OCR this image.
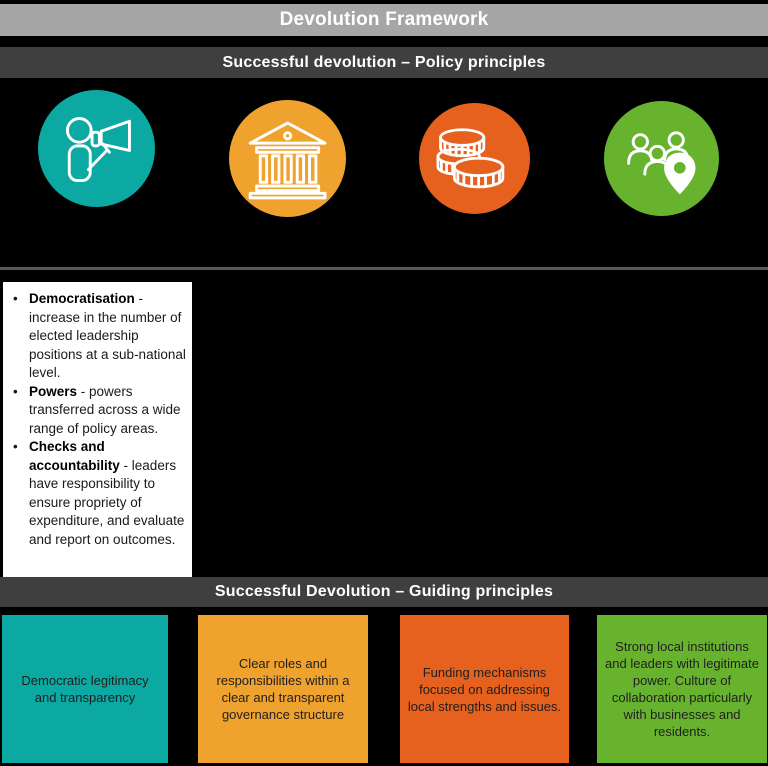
Devolution Framework
Successful devolution – Policy principles
• Democratisation - increase in the number of elected leadership positions at a sub-national level.
• Powers - powers transferred across a wide range of policy areas.
• Checks and accountability - leaders have responsibility to ensure propriety of expenditure, and evaluate and report on outcomes.
Successful Devolution – Guiding principles
Democratic legitimacy and transparency
Clear roles and responsibilities within a clear and transparent governance structure
Funding mechanisms focused on addressing local strengths and issues.
Strong local institutions and leaders with legitimate power. Culture of collaboration particularly with businesses and residents.
